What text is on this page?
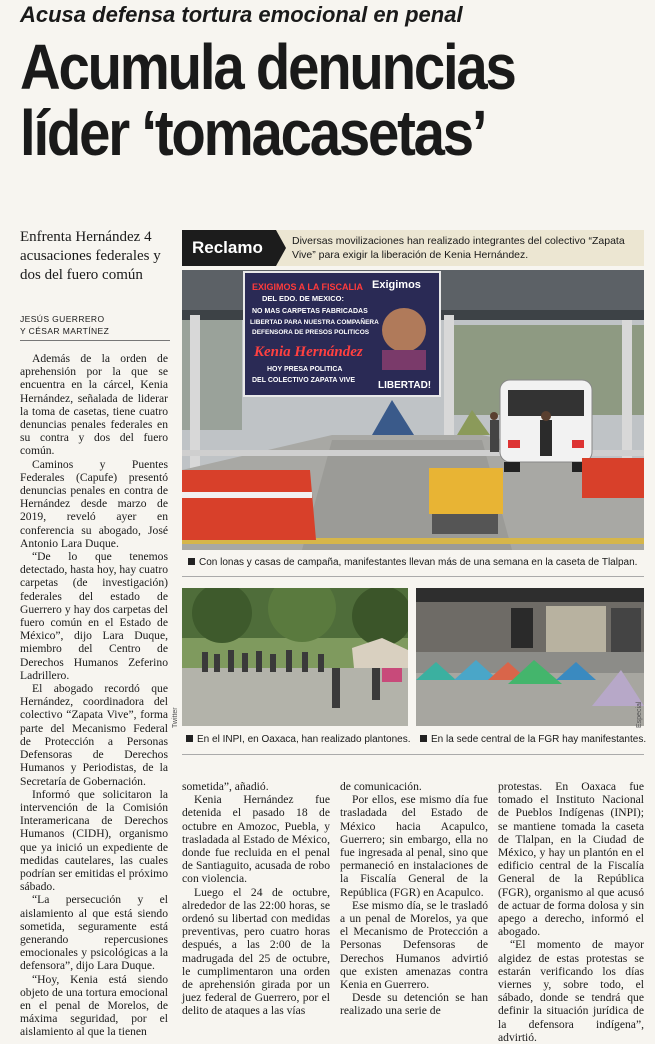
Acusa defensa tortura emocional en penal
Acumula denuncias
líder ‘tomacasetas’
Enfrenta Hernández 4 acusaciones federales y dos del fuero común
JESÚS GUERRERO
Y CÉSAR MARTÍNEZ

Además de la orden de aprehensión por la que se encuentra en la cárcel, Kenia Hernández, señalada de liderar la toma de casetas, tiene cuatro denuncias penales federales en su contra y dos del fuero común.

Caminos y Puentes Federales (Capufe) presentó denuncias penales en contra de Hernández desde marzo de 2019, reveló ayer en conferencia su abogado, José Antonio Lara Duque.

“De lo que tenemos detectado, hasta hoy, hay cuatro carpetas (de investigación) federales del estado de Guerrero y hay dos carpetas del fuero común en el Estado de México”, dijo Lara Duque, miembro del Centro de Derechos Humanos Zeferino Ladrillero.

El abogado recordó que Hernández, coordinadora del colectivo “Zapata Vive”, forma parte del Mecanismo Federal de Protección a Personas Defensoras de Derechos Humanos y Periodistas, de la Secretaría de Gobernación.

Informó que solicitaron la intervención de la Comisión Interamericana de Derechos Humanos (CIDH), organismo que ya inició un expediente de medidas cautelares, las cuales podrían ser emitidas el próximo sábado.

“La persecución y el aislamiento al que está siendo sometida, seguramente está generando repercusiones emocionales y psicológicas a la defensora”, dijo Lara Duque.

“Hoy, Kenia está siendo objeto de una tortura emocional en el penal de Morelos, de máxima seguridad, por el aislamiento al que la tienen

sometida”, añadió.

Kenia Hernández fue detenida el pasado 18 de octubre en Amozoc, Puebla, y trasladada al Estado de México, donde fue recluida en el penal de Santiaguito, acusada de robo con violencia.

Luego el 24 de octubre, alrededor de las 22:00 horas, se ordenó su libertad con medidas preventivas, pero cuatro horas después, a las 2:00 de la madrugada del 25 de octubre, le cumplimentaron una orden de aprehensión girada por un juez federal de Guerrero, por el delito de ataques a las vías

de comunicación.

Por ellos, ese mismo día fue trasladada del Estado de México hacia Acapulco, Guerrero; sin embargo, ella no fue ingresada al penal, sino que permaneció en instalaciones de la Fiscalía General de la República (FGR) en Acapulco.

Ese mismo día, se le trasladó a un penal de Morelos, ya que el Mecanismo de Protección a Personas Defensoras de Derechos Humanos advirtió que existen amenazas contra Kenia en Guerrero.

Desde su detención se han realizado una serie de

protestas. En Oaxaca fue tomado el Instituto Nacional de Pueblos Indígenas (INPI); se mantiene tomada la caseta de Tlalpan, en la Ciudad de México, y hay un plantón en el edificio central de la Fiscalía General de la República (FGR), organismo al que acusó de actuar de forma dolosa y sin apego a derecho, informó el abogado.

“El momento de mayor algidez de estas protestas se estarán verificando los días viernes y, sobre todo, el sábado, donde se tendrá que definir la situación jurídica de la defensora indígena”, advirtió.

Reclamo	Diversas movilizaciones han realizado integrantes del colectivo “Zapata Vive” para exigir la liberación de Kenia Hernández.
EXIGIMOS A LA FISCALIA
DEL EDO. DE MEXICO:
NO MAS CARPETAS FABRICADAS
LIBERTAD PARA NUESTRA COMPAÑERA
DEFENSORA DE PRESOS POLITICOS
Kenia Hernández
HOY PRESA POLITICA
DEL COLECTIVO ZAPATA VIVE
Exigimos
LIBERTAD!
Con lonas y casas de campaña, manifestantes llevan más de una semana en la caseta de Tlalpan.
Twitter	Especial
En el INPI, en Oaxaca, han realizado plantones.	En la sede central de la FGR hay manifestantes.
